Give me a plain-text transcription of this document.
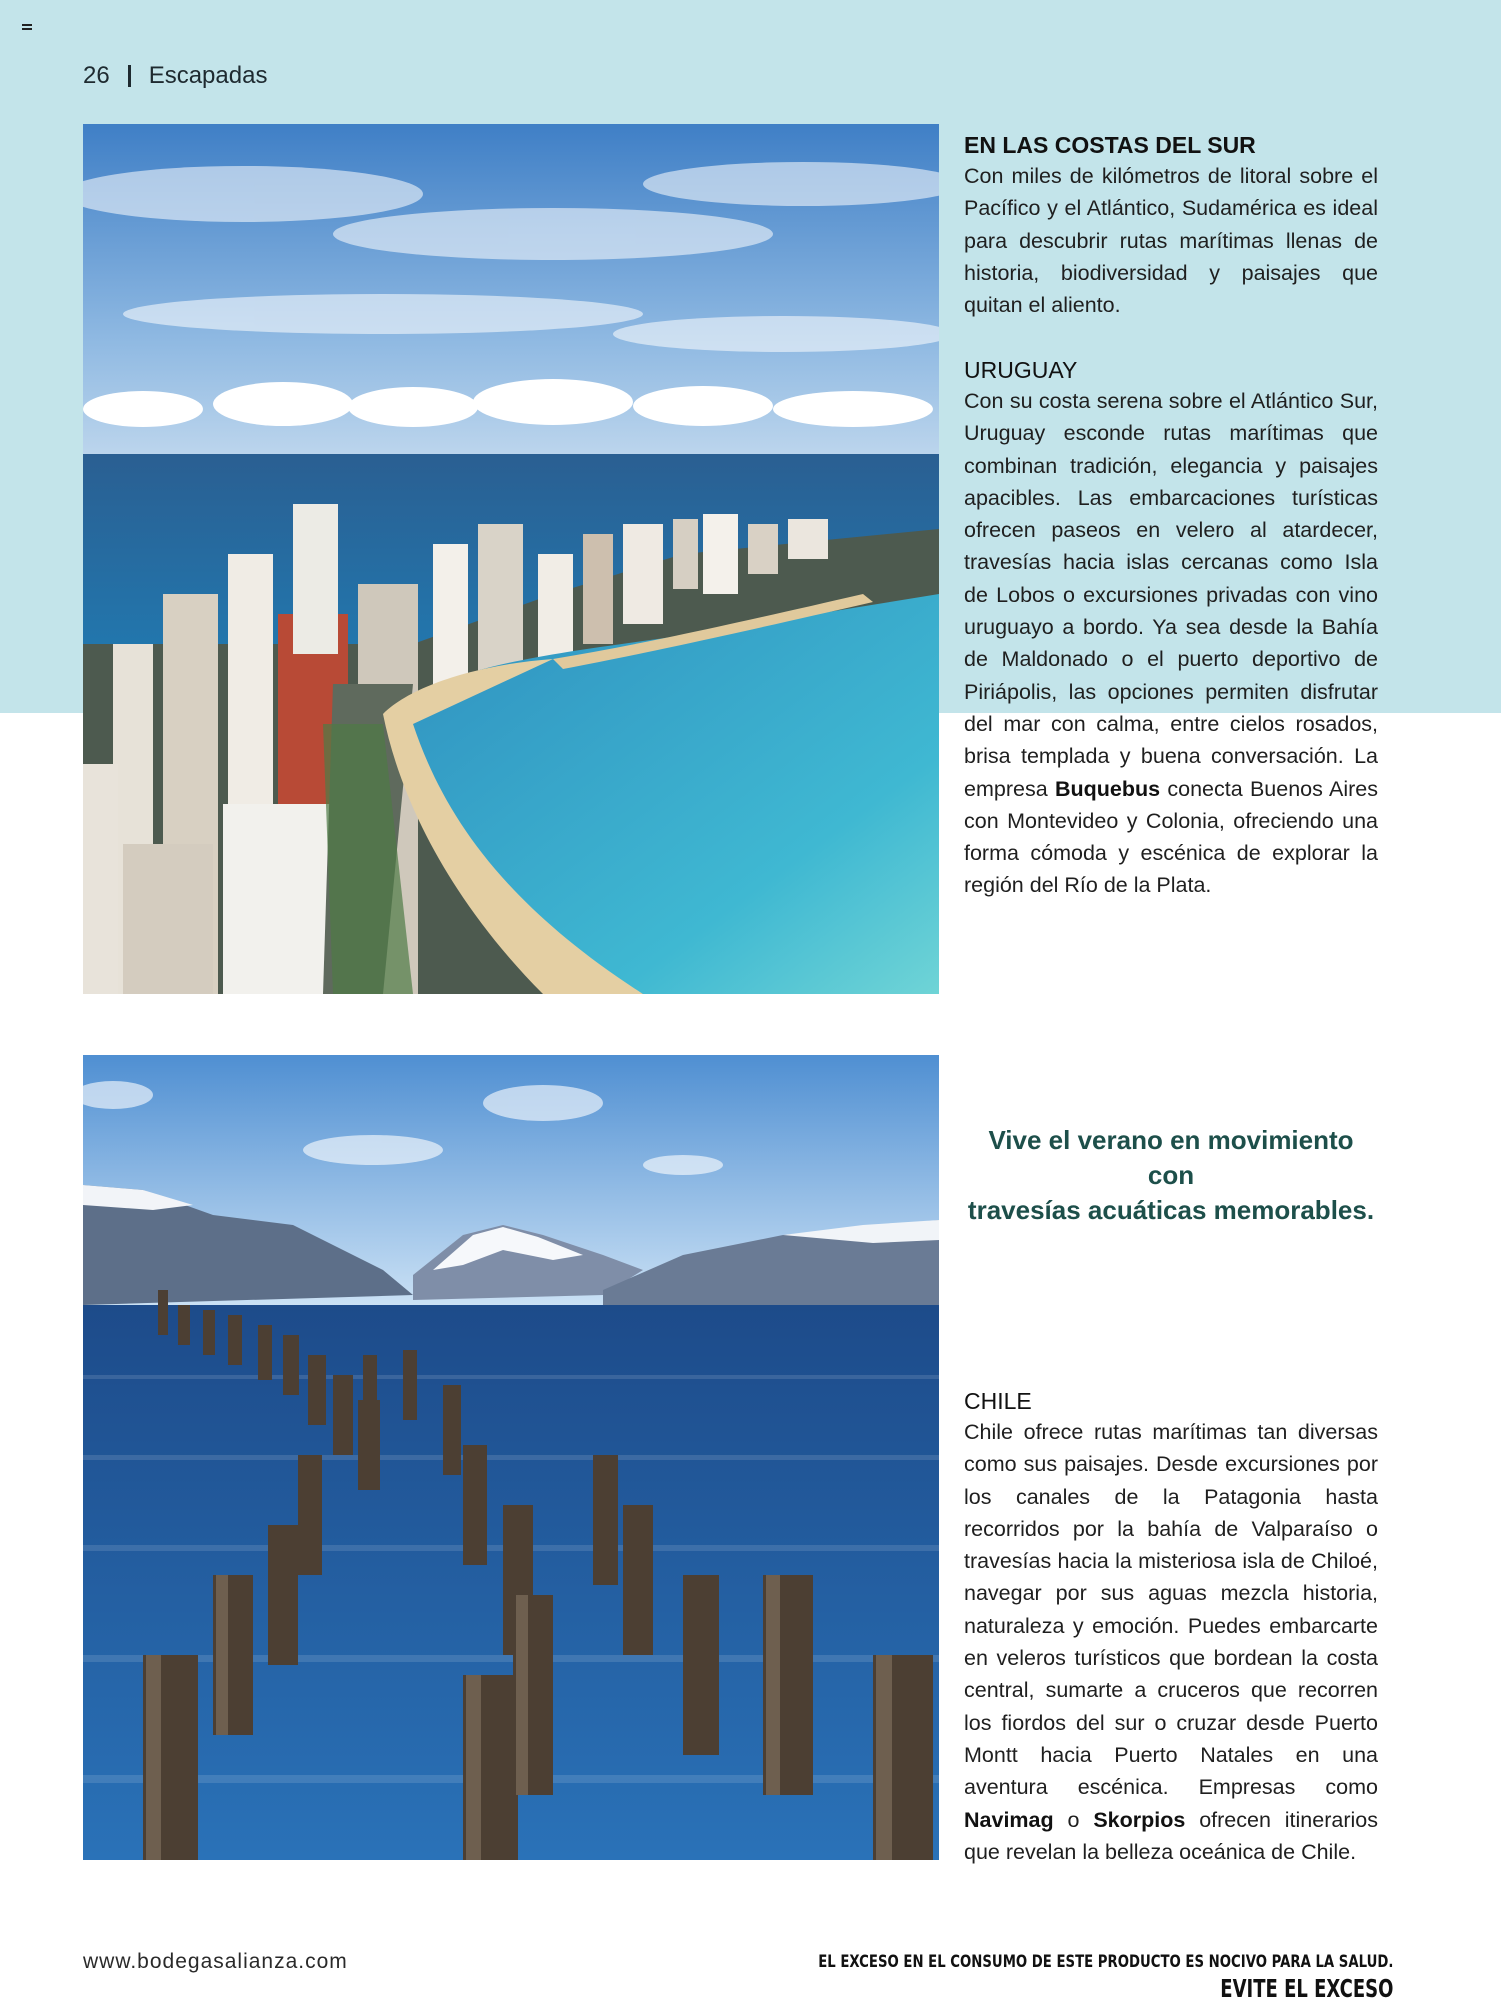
26 Escapadas
EN LAS COSTAS DEL SUR

Con miles de kilómetros de litoral sobre el Pacífico y el Atlántico, Sudamérica es ideal para descubrir rutas marítimas llenas de historia, biodiversidad y paisajes que quitan el aliento.

URUGUAY

Con su costa serena sobre el Atlántico Sur, Uruguay esconde rutas marítimas que combinan tradición, elegancia y paisajes apacibles. Las embarcaciones turísticas ofrecen paseos en velero al atardecer, travesías hacia islas cercanas como Isla de Lobos o excursiones privadas con vino uruguayo a bordo. Ya sea desde la Bahía de Maldonado o el puerto deportivo de Piriápolis, las opciones permiten disfrutar del mar con calma, entre cielos rosados, brisa templada y buena conversación. La empresa Buquebus conecta Buenos Aires con Montevideo y Colonia, ofreciendo una forma cómoda y escénica de explorar la región del Río de la Plata.

Vive el verano en movimiento con
travesías acuáticas memorables.
CHILE

Chile ofrece rutas marítimas tan diversas como sus paisajes. Desde excursiones por los canales de la Patagonia hasta recorridos por la bahía de Valparaíso o travesías hacia la misteriosa isla de Chiloé, navegar por sus aguas mezcla historia, naturaleza y emoción. Puedes embarcarte en veleros turísticos que bordean la costa central, sumarte a cruceros que recorren los fiordos del sur o cruzar desde Puerto Montt hacia Puerto Natales en una aventura escénica. Empresas como Navimag o Skorpios ofrecen itinerarios que revelan la belleza oceánica de Chile.

www.bodegasalianza.com	EL EXCESO EN EL CONSUMO DE ESTE PRODUCTO ES NOCIVO PARA LA SALUD.
EVITE EL EXCESO
